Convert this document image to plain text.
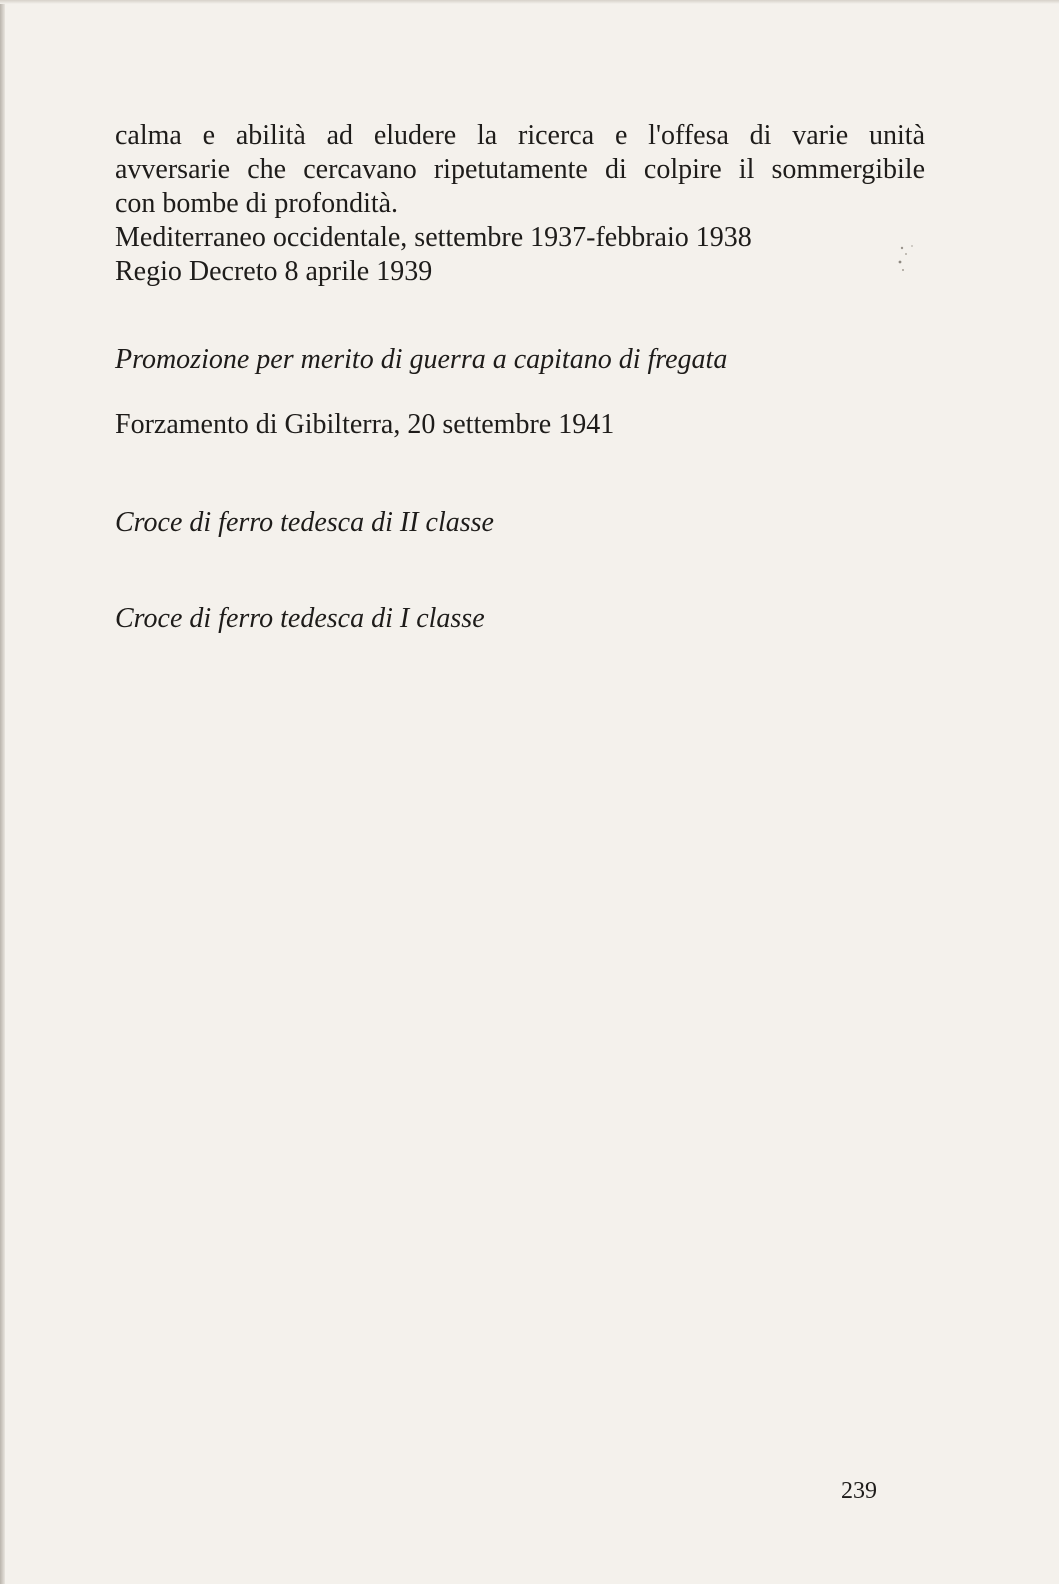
calma e abilità ad eludere la ricerca e l'offesa di varie unità
avversarie che cercavano ripetutamente di colpire il sommergibile
con bombe di profondità.
Mediterraneo occidentale, settembre 1937-febbraio 1938
Regio Decreto 8 aprile 1939
Promozione per merito di guerra a capitano di fregata
Forzamento di Gibilterra, 20 settembre 1941
Croce di ferro tedesca di II classe
Croce di ferro tedesca di I classe
239
